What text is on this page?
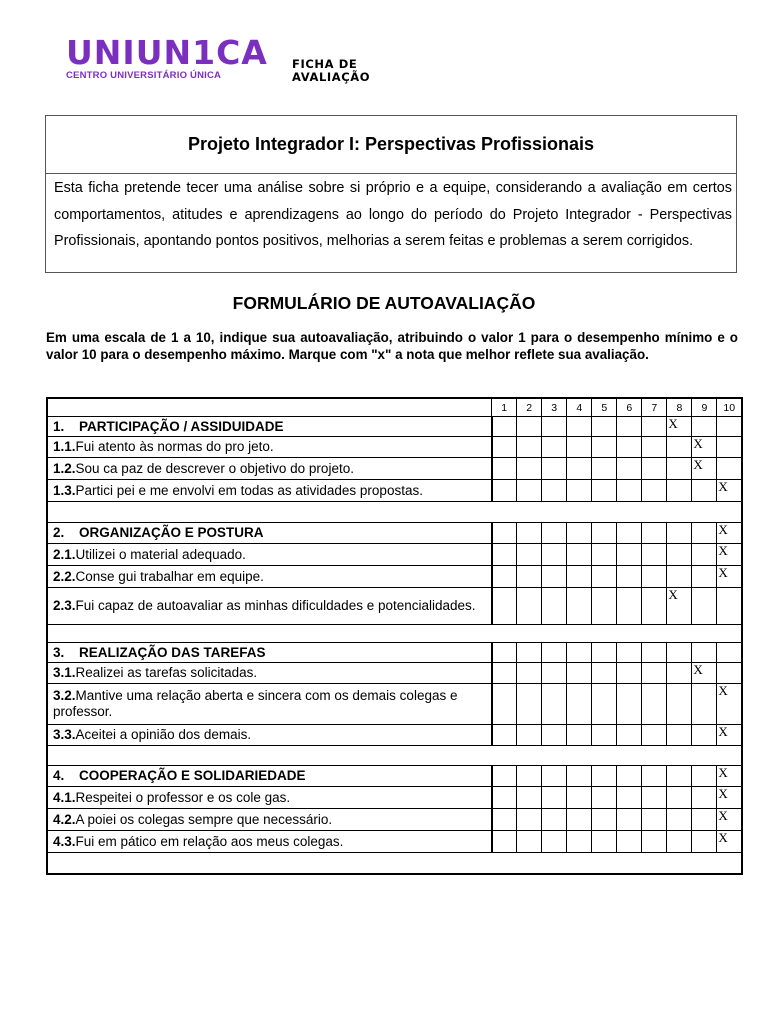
UNIUN1CA
CENTRO UNIVERSITÁRIO ÚNICA
FICHA DE
AVALIAÇÃO
Projeto Integrador I: Perspectivas Profissionais
Esta ficha pretende tecer uma análise sobre si próprio e a equipe, considerando a avaliação em certos comportamentos, atitudes e aprendizagens ao longo do período do Projeto Integrador - Perspectivas Profissionais, apontando pontos positivos, melhorias a serem feitas e problemas a serem corrigidos.
FORMULÁRIO DE AUTOAVALIAÇÃO
Em uma escala de 1 a 10, indique sua autoavaliação, atribuindo o valor 1 para o desempenho mínimo e o valor 10 para o desempenho máximo. Marque com "x" a nota que melhor reflete sua avaliação.
	1	2	3	4	5	6	7	8	9	10
1. PARTICIPAÇÃO / ASSIDUIDADE								X		

1.1.Fui atento às normas do pro jeto.									X	

1.2.Sou ca paz de descrever o objetivo do projeto.									X	

1.3.Partici pei e me envolvi em todas as atividades propostas.										X

2. ORGANIZAÇÃO E POSTURA										X

2.1.Utilizei o material adequado.										X

2.2.Conse gui trabalhar em equipe.										X

2.3.Fui capaz de autoavaliar as minhas dificuldades e potencialidades.								X		

3. REALIZAÇÃO DAS TAREFAS										
3.1.Realizei as tarefas solicitadas.									X	

3.2.Mantive uma relação aberta e sincera com os demais colegas e professor.										X

3.3.Aceitei a opinião dos demais.										X

4. COOPERAÇÃO E SOLIDARIEDADE										X

4.1.Respeitei o professor e os cole gas.										X

4.2.A poiei os colegas sempre que necessário.										X

4.3.Fui em pático em relação aos meus colegas.										X
